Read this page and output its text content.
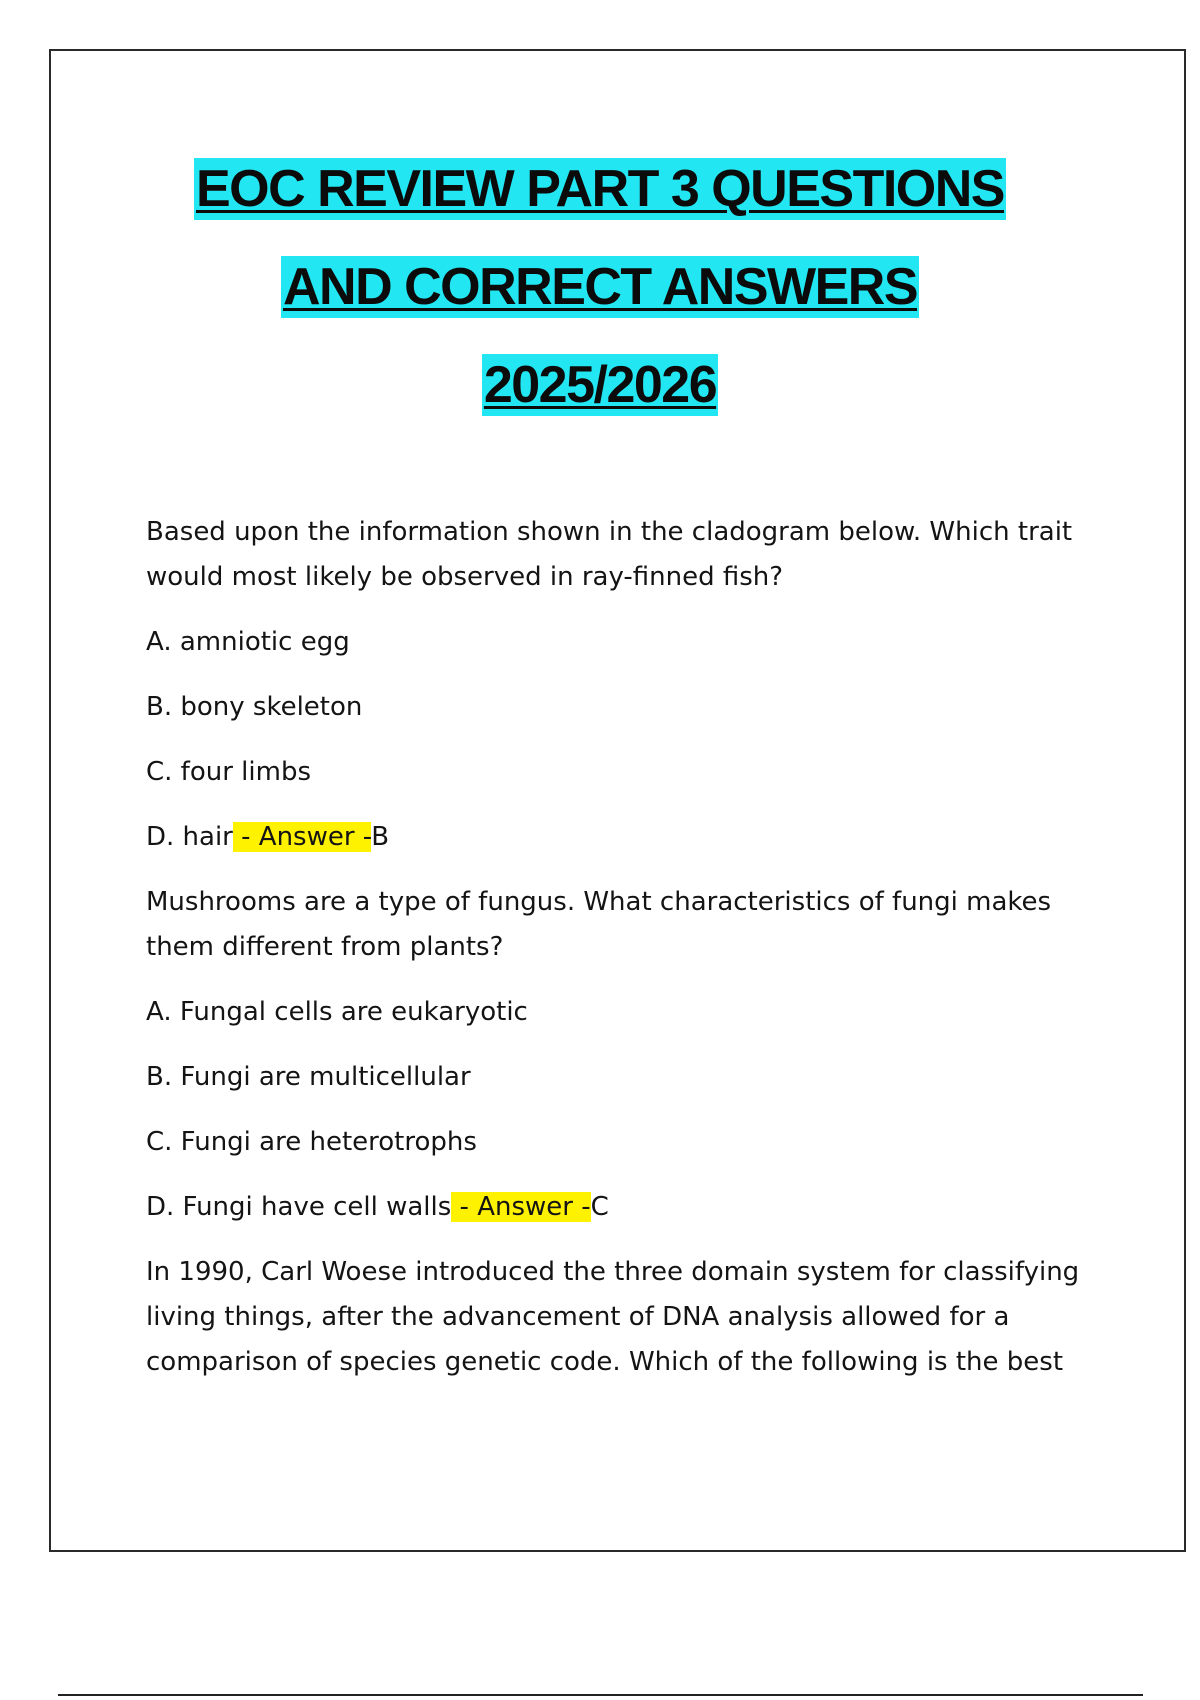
EOC REVIEW PART 3 QUESTIONS
AND CORRECT ANSWERS
2025/2026

Based upon the information shown in the cladogram below. Which trait would most likely be observed in ray-finned fish?

A. amniotic egg

B. bony skeleton

C. four limbs

D. hair - Answer -B

Mushrooms are a type of fungus. What characteristics of fungi makes them different from plants?

A. Fungal cells are eukaryotic

B. Fungi are multicellular

C. Fungi are heterotrophs

D. Fungi have cell walls - Answer -C

In 1990, Carl Woese introduced the three domain system for classifying living things, after the advancement of DNA analysis allowed for a comparison of species genetic code. Which of the following is the best
